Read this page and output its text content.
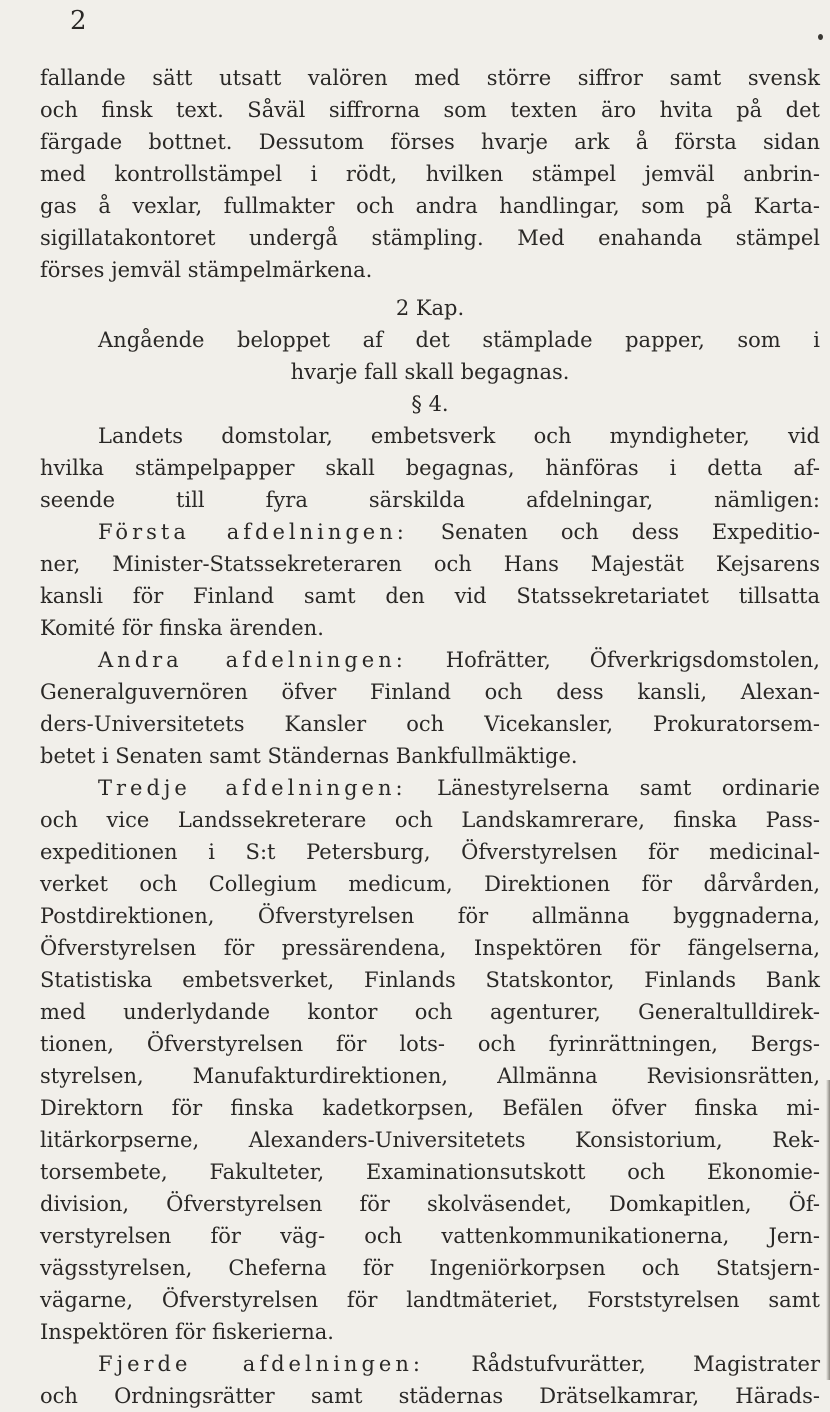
2
fallande sätt utsatt valören med större siffror samt svensk
och finsk text. Såväl siffrorna som texten äro hvita på det
färgade bottnet. Dessutom förses hvarje ark å första sidan
med kontrollstämpel i rödt, hvilken stämpel jemväl anbrin-
gas å vexlar, fullmakter och andra handlingar, som på Karta-
sigillatakontoret undergå stämpling. Med enahanda stämpel
förses jemväl stämpelmärkena.
2 Kap.
Angående beloppet af det stämplade papper, som i
hvarje fall skall begagnas.
§ 4.
Landets domstolar, embetsverk och myndigheter, vid
hvilka stämpelpapper skall begagnas, hänföras i detta af-
seende till fyra särskilda afdelningar, nämligen:
Första afdelningen: Senaten och dess Expeditio-
ner, Minister-Statssekreteraren och Hans Majestät Kejsarens
kansli för Finland samt den vid Statssekretariatet tillsatta
Komité för finska ärenden.
Andra afdelningen: Hofrätter, Öfverkrigsdomstolen,
Generalguvernören öfver Finland och dess kansli, Alexan-
ders-Universitetets Kansler och Vicekansler, Prokuratorsem-
betet i Senaten samt Ständernas Bankfullmäktige.
Tredje afdelningen: Länestyrelserna samt ordinarie
och vice Landssekreterare och Landskamrerare, finska Pass-
expeditionen i S:t Petersburg, Öfverstyrelsen för medicinal-
verket och Collegium medicum, Direktionen för dårvården,
Postdirektionen, Öfverstyrelsen för allmänna byggnaderna,
Öfverstyrelsen för pressärendena, Inspektören för fängelserna,
Statistiska embetsverket, Finlands Statskontor, Finlands Bank
med underlydande kontor och agenturer, Generaltulldirek-
tionen, Öfverstyrelsen för lots- och fyrinrättningen, Bergs-
styrelsen, Manufakturdirektionen, Allmänna Revisionsrätten,
Direktorn för finska kadetkorpsen, Befälen öfver finska mi-
litärkorpserne, Alexanders-Universitetets Konsistorium, Rek-
torsembete, Fakulteter, Examinationsutskott och Ekonomie-
division, Öfverstyrelsen för skolväsendet, Domkapitlen, Öf-
verstyrelsen för väg- och vattenkommunikationerna, Jern-
vägsstyrelsen, Cheferna för Ingeniörkorpsen och Statsjern-
vägarne, Öfverstyrelsen för landtmäteriet, Forststyrelsen samt
Inspektören för fiskerierna.
Fjerde afdelningen: Rådstufvurätter, Magistrater
och Ordningsrätter samt städernas Drätselkamrar, Härads-
